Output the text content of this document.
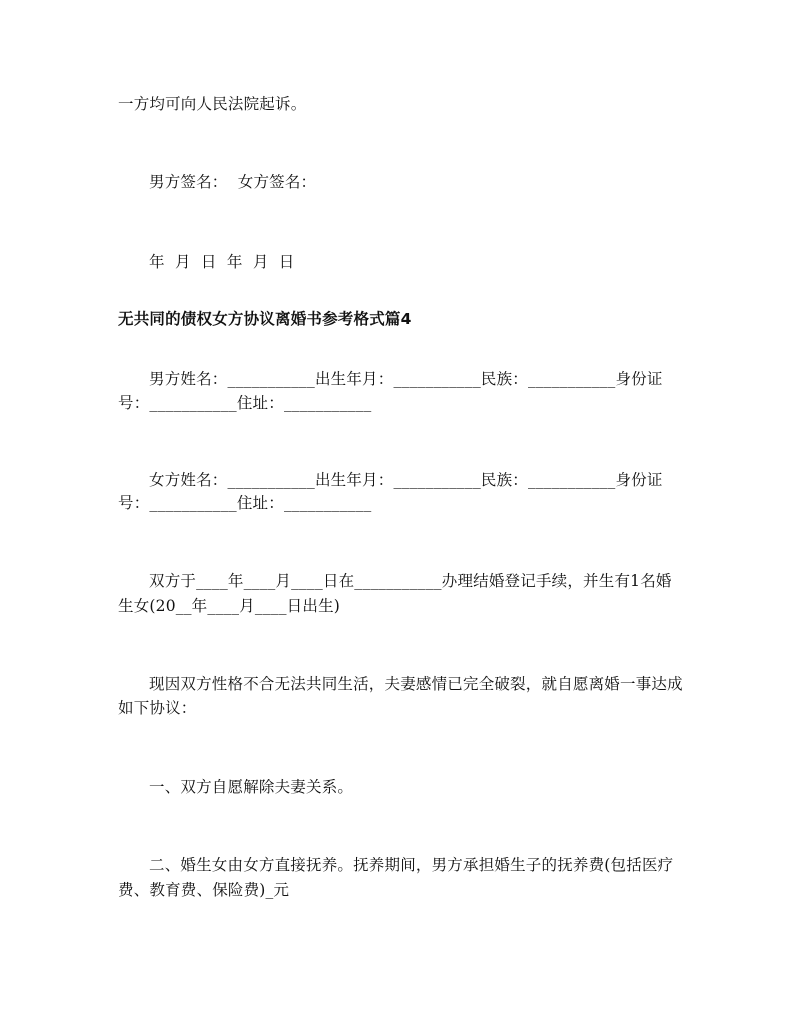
一方均可向人民法院起诉。
男方签名：  女方签名：
年  月  日  年  月  日
无共同的债权女方协议离婚书参考格式篇4
男方姓名：___________出生年月：___________民族：___________身份证
号：___________住址：___________
女方姓名：___________出生年月：___________民族：___________身份证
号：___________住址：___________
双方于____年____月____日在___________办理结婚登记手续，并生有1名婚
生女(20__年____月____日出生)
现因双方性格不合无法共同生活，夫妻感情已完全破裂，就自愿离婚一事达成
如下协议：
一、双方自愿解除夫妻关系。
二、婚生女由女方直接抚养。抚养期间，男方承担婚生子的抚养费(包括医疗
费、教育费、保险费)_元
